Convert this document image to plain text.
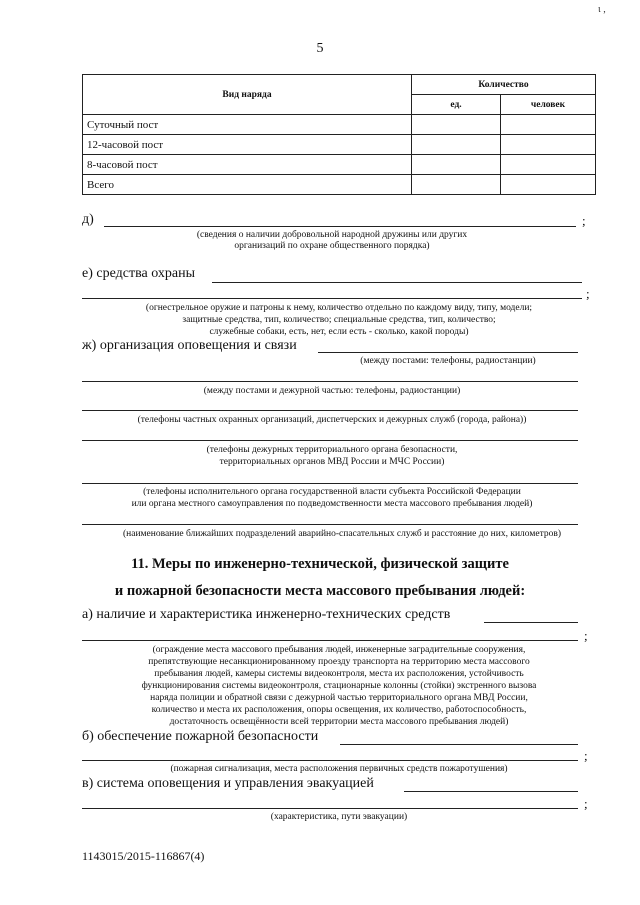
ι ,
5
Вид наряда	Количество	
	ед.	человек
Суточный пост		
12-часовой пост		
8-часовой пост		
Всего		
д)	;
(сведения о наличии добровольной народной дружины или других
организаций по охране общественного порядка)
е) средства охраны
;
(огнестрельное оружие и патроны к нему, количество отдельно по каждому виду, типу, модели;
защитные средства, тип, количество; специальные средства, тип, количество;
служебные собаки, есть, нет, если есть - сколько, какой породы)
ж) организация оповещения и связи
(между постами: телефоны, радиостанции)
(между постами и дежурной частью: телефоны, радиостанции)
(телефоны частных охранных организаций, диспетчерских и дежурных служб (города, района))
(телефоны дежурных территориального органа безопасности,
территориальных органов МВД России и МЧС России)
(телефоны исполнительного органа государственной власти субъекта Российской Федерации
или органа местного самоуправления по подведомственности места массового пребывания людей)
(наименование ближайших подразделений аварийно-спасательных служб и расстояние до них, километров)
11. Меры по инженерно-технической, физической защите
и пожарной безопасности места массового пребывания людей:
а) наличие и характеристика инженерно-технических средств
;
(ограждение места массового пребывания людей, инженерные заградительные сооружения,
препятствующие несанкционированному проезду транспорта на территорию места массового
пребывания людей, камеры системы видеоконтроля, места их расположения, устойчивость
функционирования системы видеоконтроля, стационарные колонны (стойки) экстренного вызова
наряда полиции и обратной связи с дежурной частью территориального органа МВД России,
количество и места их расположения, опоры освещения, их количество, работоспособность,
достаточность освещённости всей территории места массового пребывания людей)
б) обеспечение пожарной безопасности
;
(пожарная сигнализация, места расположения первичных средств пожаротушения)
в) система оповещения и управления эвакуацией
;
(характеристика, пути эвакуации)
1143015/2015-116867(4)
